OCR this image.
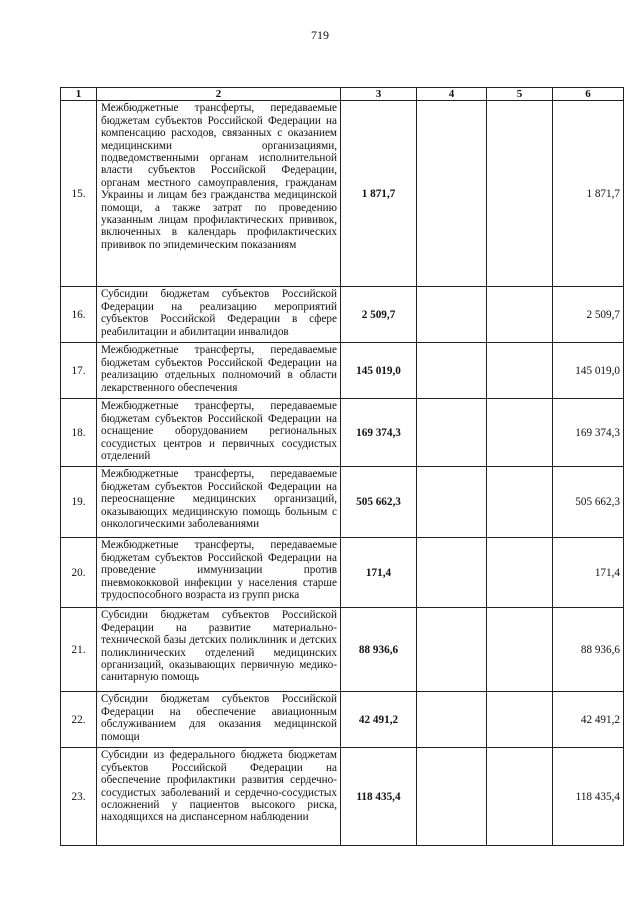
719
1	2	3	4	5	6
15.	Межбюджетные трансферты, передаваемые бюджетам субъектов Российской Федерации на компенсацию расходов, связанных с оказанием медицинскими организациями, подведомственными органам исполнительной власти субъектов Российской Федерации, органам местного самоуправления, гражданам Украины и лицам без гражданства медицинской помощи, а также затрат по проведению указанным лицам профилактических прививок, включенных в календарь профилактических прививок по эпидемическим показаниям	1 871,7			1 871,7
16.	Субсидии бюджетам субъектов Российской Федерации на реализацию мероприятий субъектов Российской Федерации в сфере реабилитации и абилитации инвалидов	2 509,7			2 509,7
17.	Межбюджетные трансферты, передаваемые бюджетам субъектов Российской Федерации на реализацию отдельных полномочий в области лекарственного обеспечения	145 019,0			145 019,0
18.	Межбюджетные трансферты, передаваемые бюджетам субъектов Российской Федерации на оснащение оборудованием региональных сосудистых центров и первичных сосудистых отделений	169 374,3			169 374,3
19.	Межбюджетные трансферты, передаваемые бюджетам субъектов Российской Федерации на переоснащение медицинских организаций, оказывающих медицинскую помощь больным с онкологическими заболеваниями	505 662,3			505 662,3
20.	Межбюджетные трансферты, передаваемые бюджетам субъектов Российской Федерации на проведение иммунизации против пневмококковой инфекции у населения старше трудоспособного возраста из групп риска	171,4			171,4
21.	Субсидии бюджетам субъектов Российской Федерации на развитие материально-технической базы детских поликлиник и детских поликлинических отделений медицинских организаций, оказывающих первичную медико-санитарную помощь	88 936,6			88 936,6
22.	Субсидии бюджетам субъектов Российской Федерации на обеспечение авиационным обслуживанием для оказания медицинской помощи	42 491,2			42 491,2
23.	Субсидии из федерального бюджета бюджетам субъектов Российской Федерации на обеспечение профилактики развития сердечно-сосудистых заболеваний и сердечно-сосудистых осложнений у пациентов высокого риска, находящихся на диспансерном наблюдении	118 435,4			118 435,4
